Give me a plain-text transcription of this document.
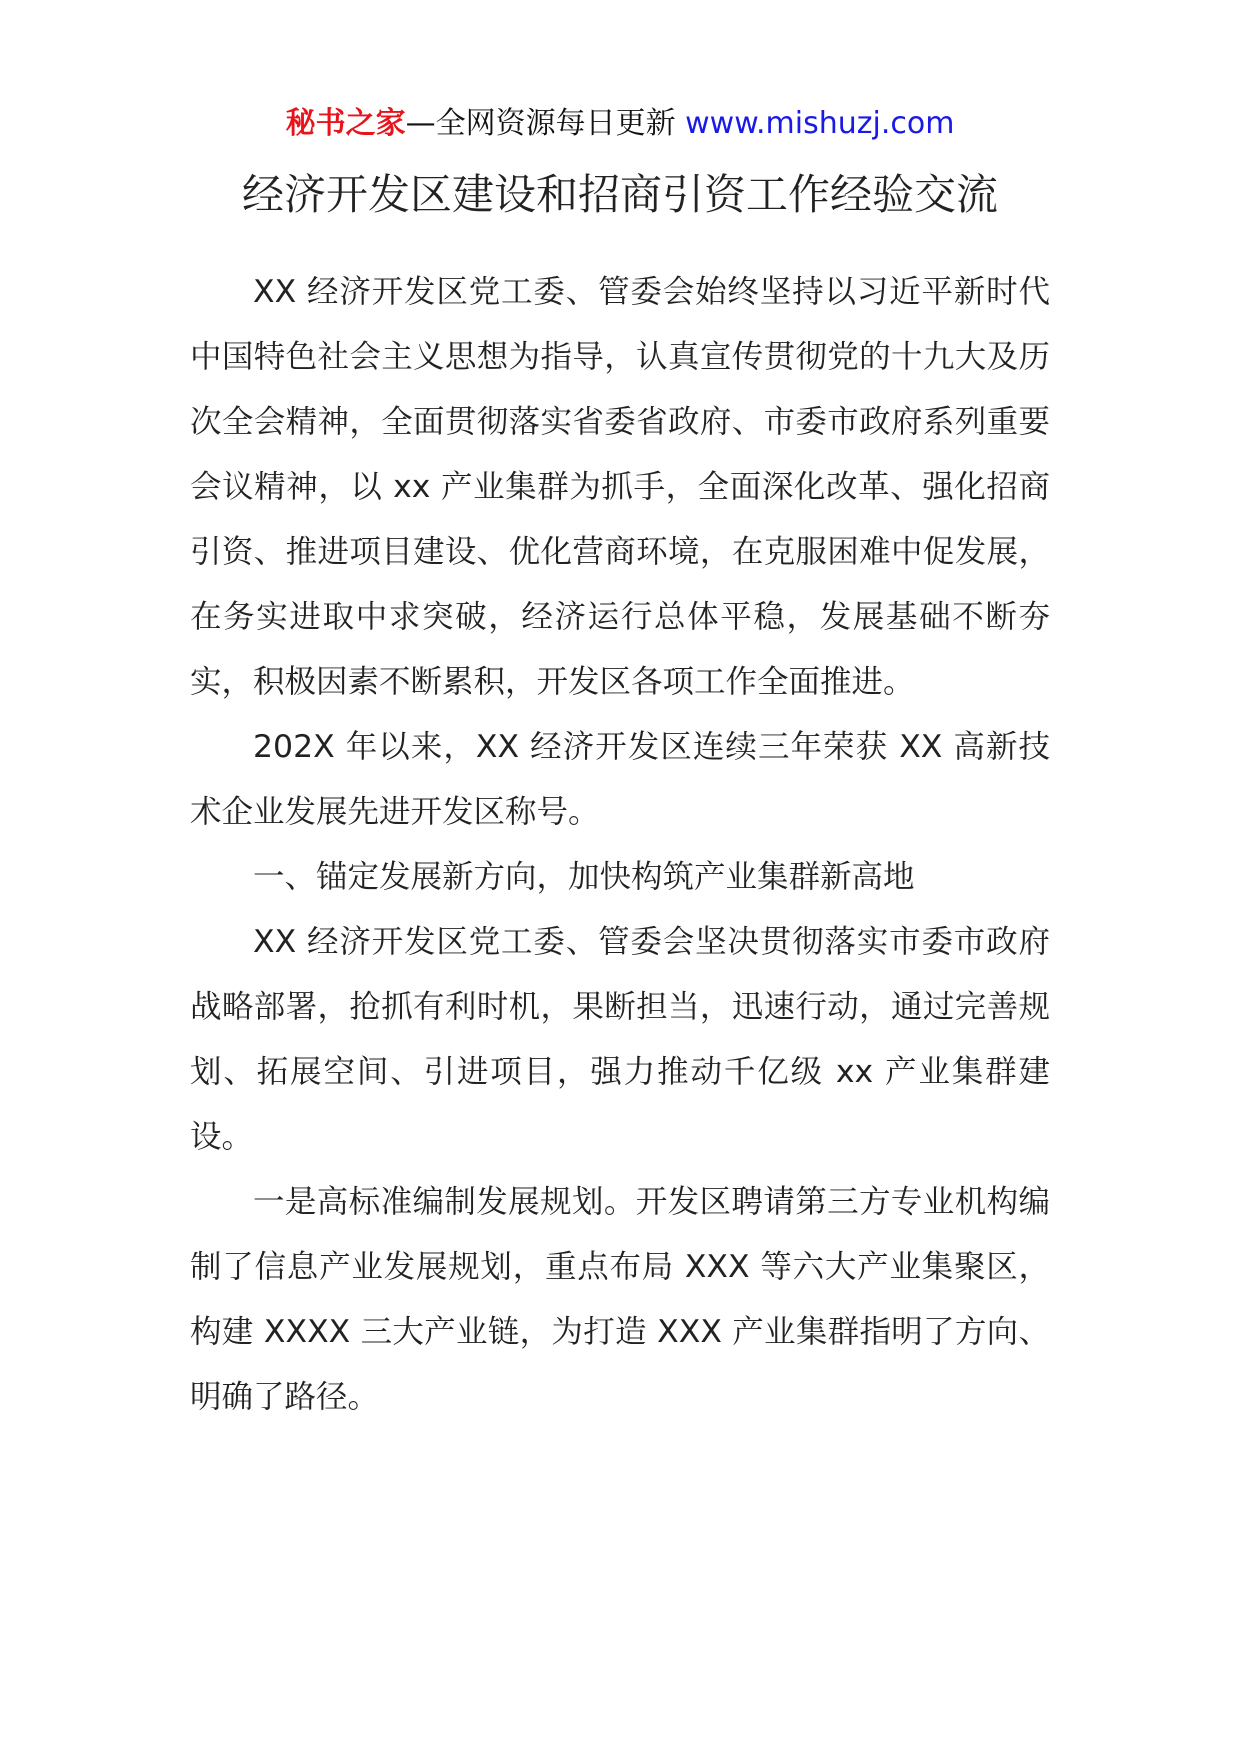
秘书之家—全网资源每日更新 www.mishuzj.com
经济开发区建设和招商引资工作经验交流

XX 经济开发区党工委、管委会始终坚持以习近平新时代中国特色社会主义思想为指导，认真宣传贯彻党的十九大及历次全会精神，全面贯彻落实省委省政府、市委市政府系列重要会议精神，以 xx 产业集群为抓手，全面深化改革、强化招商引资、推进项目建设、优化营商环境，在克服困难中促发展，在务实进取中求突破，经济运行总体平稳，发展基础不断夯实，积极因素不断累积，开发区各项工作全面推进。

202X 年以来，XX 经济开发区连续三年荣获 XX 高新技术企业发展先进开发区称号。

一、锚定发展新方向，加快构筑产业集群新高地

XX 经济开发区党工委、管委会坚决贯彻落实市委市政府战略部署，抢抓有利时机，果断担当，迅速行动，通过完善规划、拓展空间、引进项目，强力推动千亿级 xx 产业集群建设。

一是高标准编制发展规划。开发区聘请第三方专业机构编制了信息产业发展规划，重点布局 XXX 等六大产业集聚区，构建 XXXX 三大产业链，为打造 XXX 产业集群指明了方向、明确了路径。
